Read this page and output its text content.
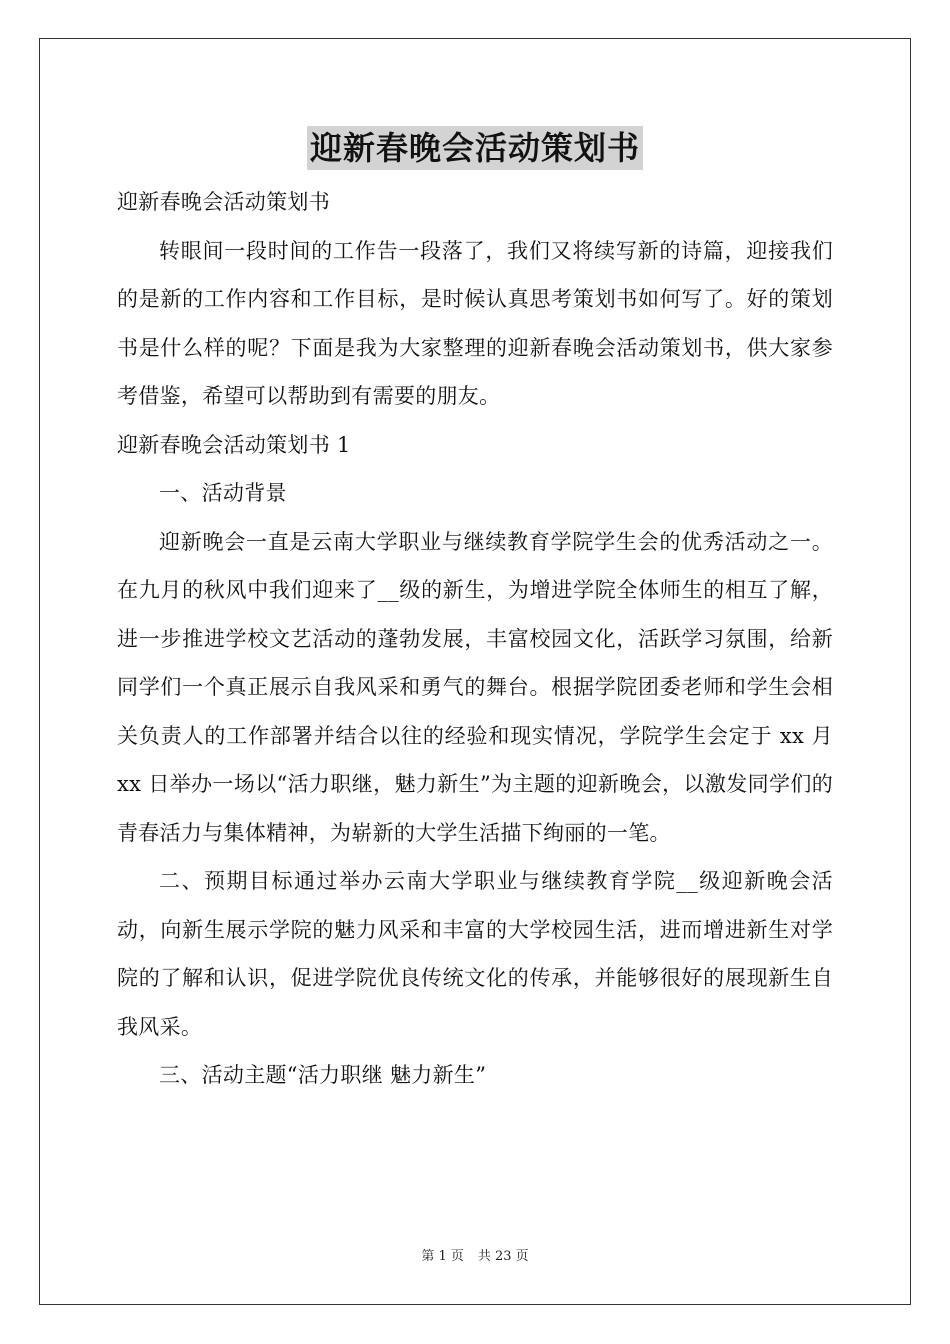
迎新春晚会活动策划书

迎新春晚会活动策划书

转眼间一段时间的工作告一段落了，我们又将续写新的诗篇，迎接我们的是新的工作内容和工作目标，是时候认真思考策划书如何写了。好的策划书是什么样的呢？下面是我为大家整理的迎新春晚会活动策划书，供大家参考借鉴，希望可以帮助到有需要的朋友。

迎新春晚会活动策划书 1

一、活动背景

迎新晚会一直是云南大学职业与继续教育学院学生会的优秀活动之一。在九月的秋风中我们迎来了__级的新生，为增进学院全体师生的相互了解，进一步推进学校文艺活动的蓬勃发展，丰富校园文化，活跃学习氛围，给新同学们一个真正展示自我风采和勇气的舞台。根据学院团委老师和学生会相关负责人的工作部署并结合以往的经验和现实情况，学院学生会定于 xx 月 xx 日举办一场以“活力职继，魅力新生”为主题的迎新晚会，以激发同学们的青春活力与集体精神，为崭新的大学生活描下绚丽的一笔。

二、预期目标通过举办云南大学职业与继续教育学院__级迎新晚会活动，向新生展示学院的魅力风采和丰富的大学校园生活，进而增进新生对学院的了解和认识，促进学院优良传统文化的传承，并能够很好的展现新生自我风采。

三、活动主题“活力职继 魅力新生”

第 1 页 共 23 页
